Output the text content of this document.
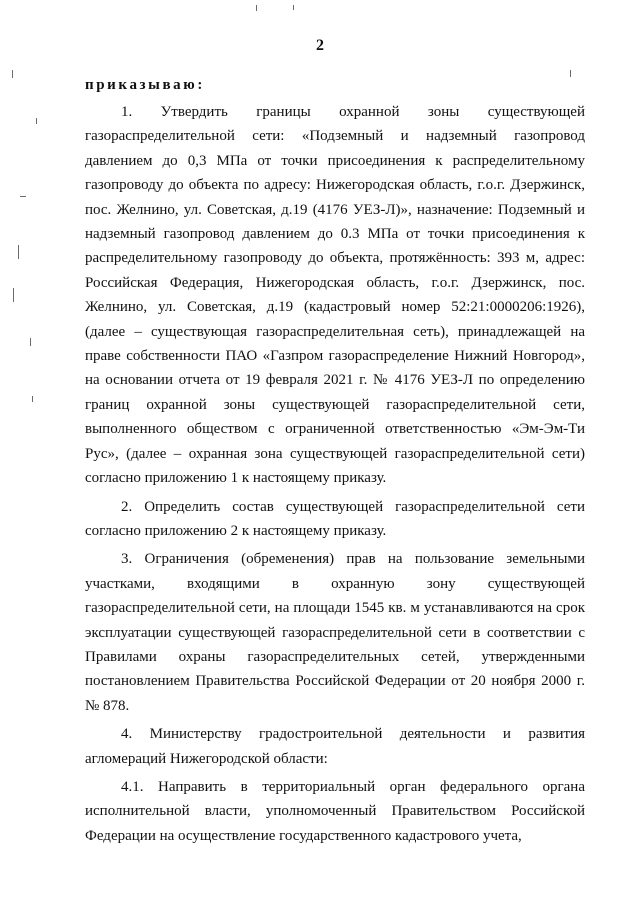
2
приказываю:

1. Утвердить границы охранной зоны существующей газораспределительной сети: «Подземный и надземный газопровод давлением до 0,3 МПа от точки присоединения к распределительному газопроводу до объекта по адресу: Нижегородская область, г.о.г. Дзержинск, пос. Желнино, ул. Советская, д.19 (4176 УЕЗ-Л)», назначение: Подземный и надземный газопровод давлением до 0.3 МПа от точки присоединения к распределительному газопроводу до объекта, протяжённость: 393 м, адрес: Российская Федерация, Нижегородская область, г.о.г. Дзержинск, пос. Желнино, ул. Советская, д.19 (кадастровый номер 52:21:0000206:1926), (далее – существующая газораспределительная сеть), принадлежащей на праве собственности ПАО «Газпром газораспределение Нижний Новгород», на основании отчета от 19 февраля 2021 г. № 4176 УЕЗ-Л по определению границ охранной зоны существующей газораспределительной сети, выполненного обществом с ограниченной ответственностью «Эм-Эм-Ти Рус», (далее – охранная зона существующей газораспределительной сети) согласно приложению 1 к настоящему приказу.

2. Определить состав существующей газораспределительной сети согласно приложению 2 к настоящему приказу.

3. Ограничения (обременения) прав на пользование земельными участками, входящими в охранную зону существующей газораспределительной сети, на площади 1545 кв. м устанавливаются на срок эксплуатации существующей газораспределительной сети в соответствии с Правилами охраны газораспределительных сетей, утвержденными постановлением Правительства Российской Федерации от 20 ноября 2000 г. № 878.

4. Министерству градостроительной деятельности и развития агломераций Нижегородской области:

4.1. Направить в территориальный орган федерального органа исполнительной власти, уполномоченный Правительством Российской Федерации на осуществление государственного кадастрового учета,
